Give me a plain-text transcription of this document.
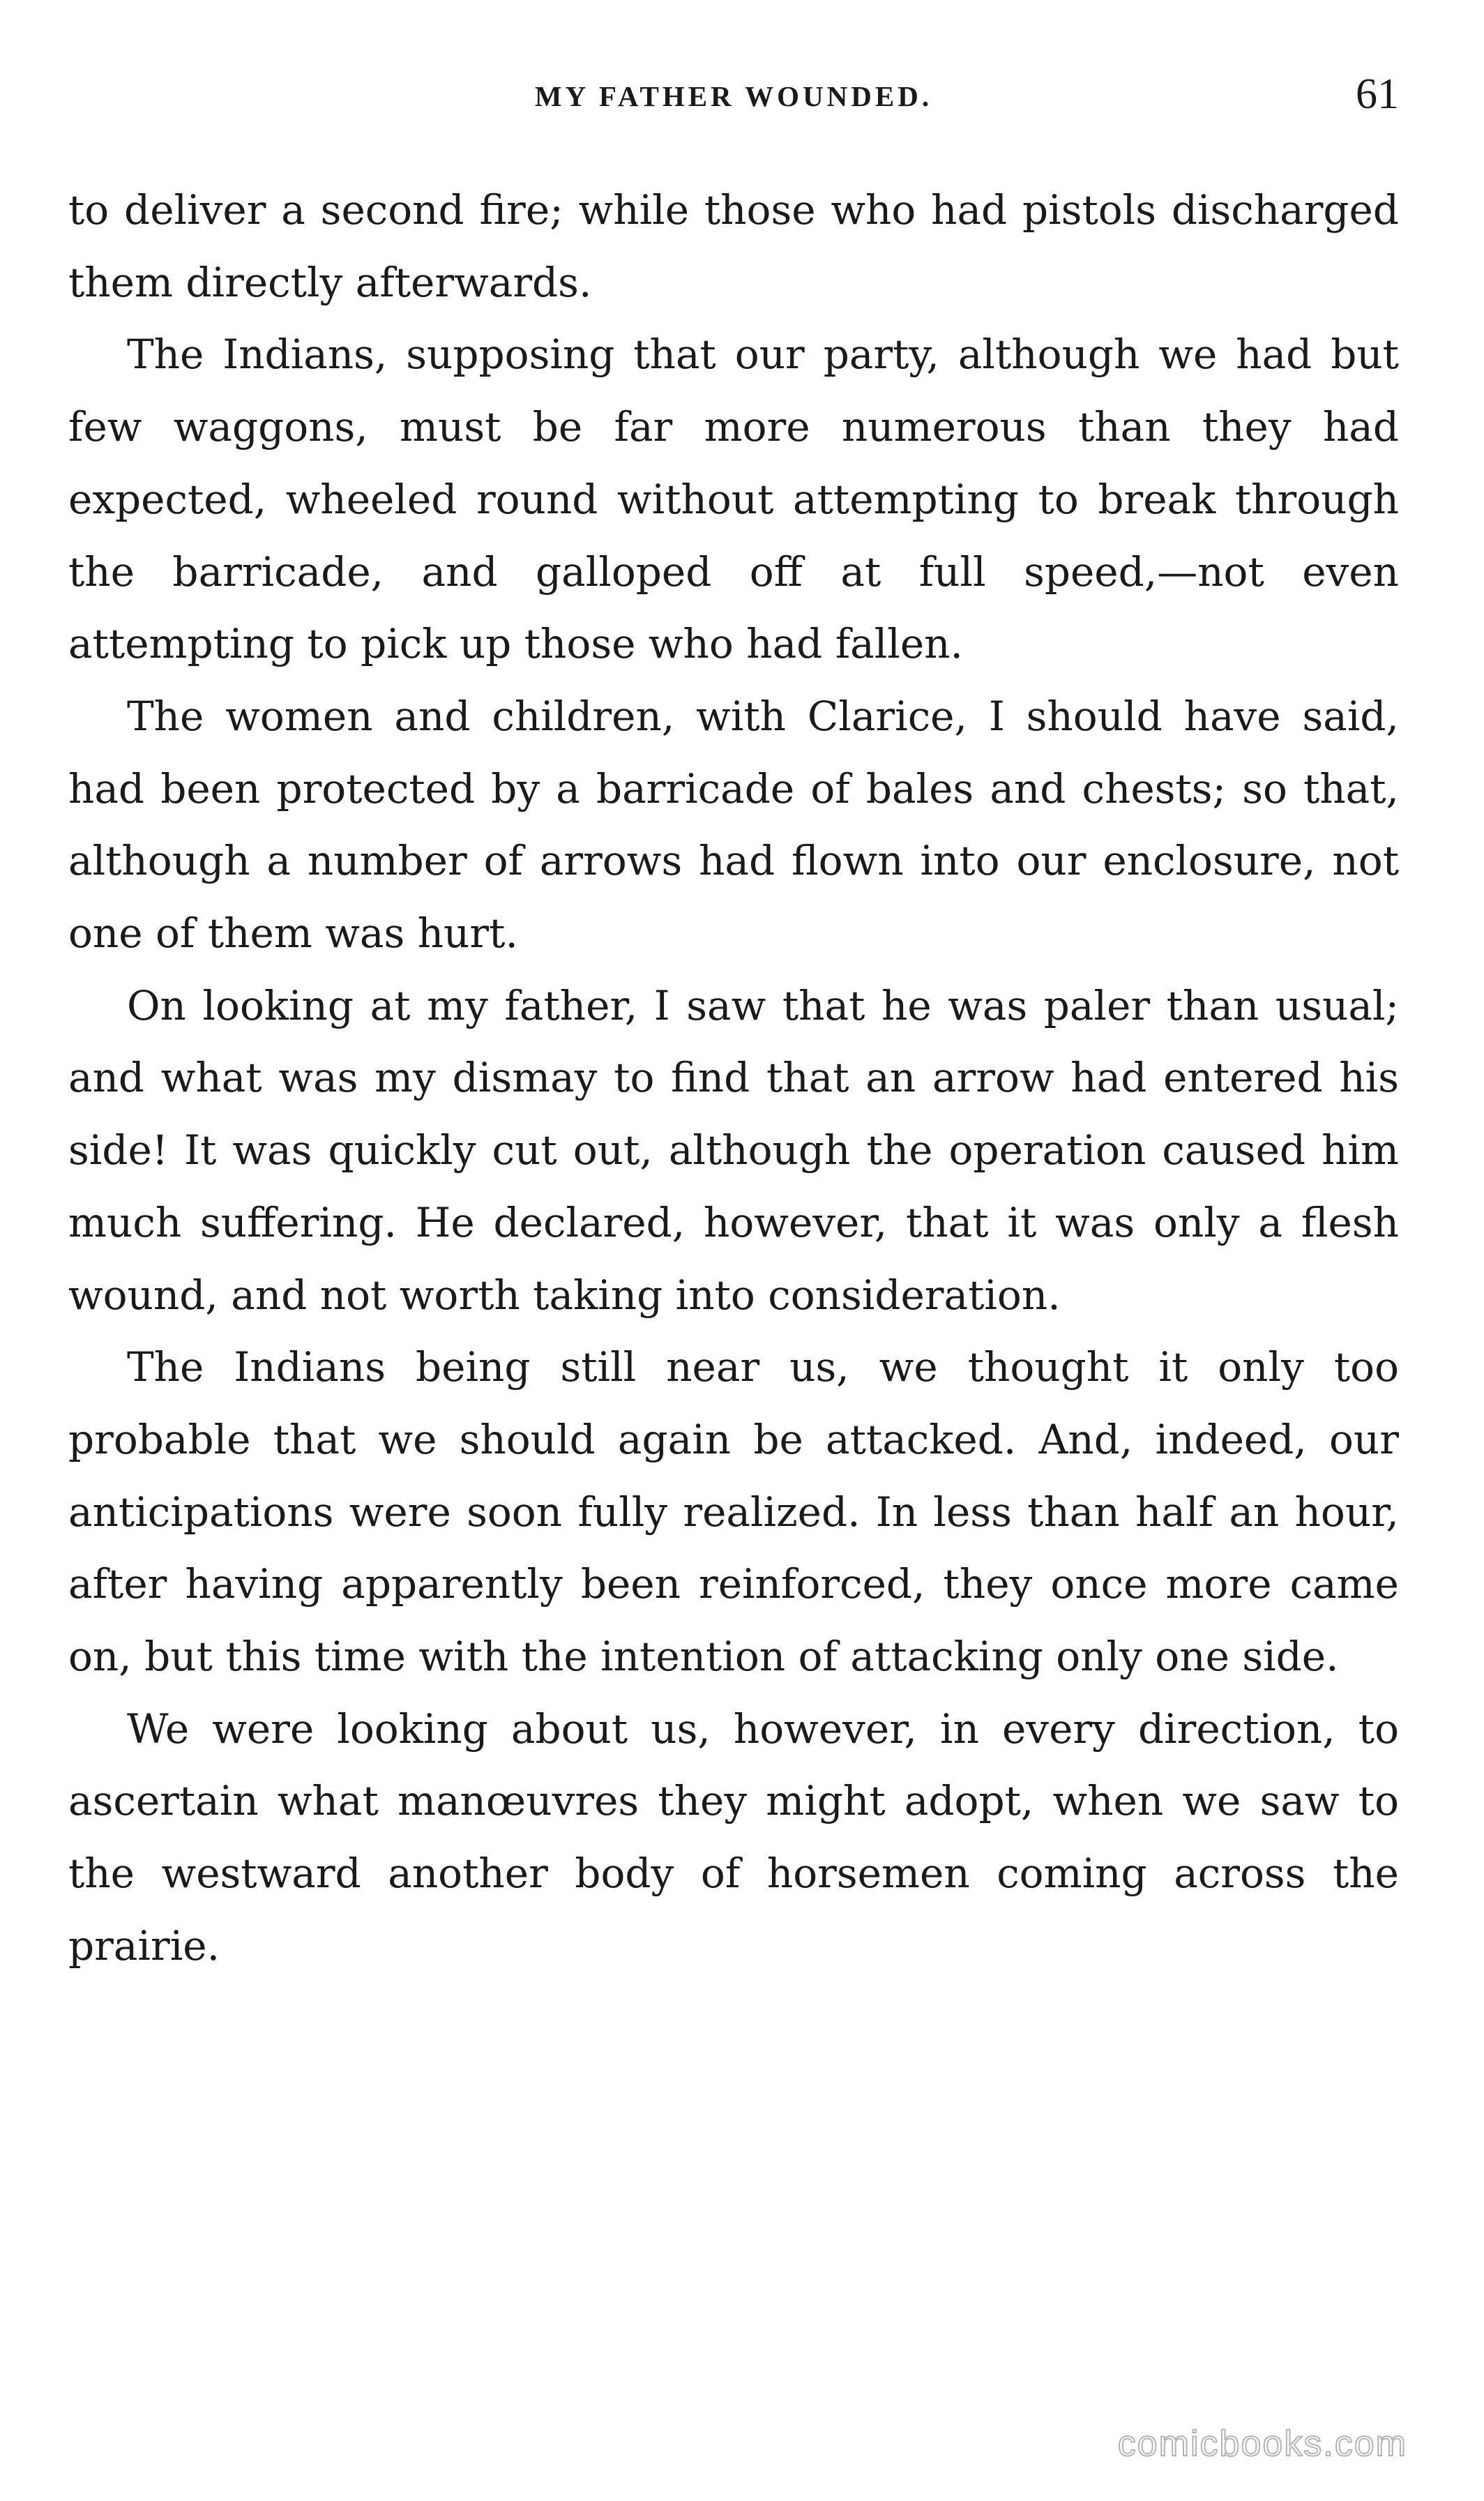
MY FATHER WOUNDED.	61

to deliver a second fire; while those who had pistols discharged them directly afterwards.

The Indians, supposing that our party, although we had but few waggons, must be far more numerous than they had expected, wheeled round without attempting to break through the barricade, and galloped off at full speed,—not even attempting to pick up those who had fallen.

The women and children, with Clarice, I should have said, had been protected by a barricade of bales and chests; so that, although a number of arrows had flown into our enclosure, not one of them was hurt.

On looking at my father, I saw that he was paler than usual; and what was my dismay to find that an arrow had entered his side! It was quickly cut out, although the operation caused him much suffering. He declared, however, that it was only a flesh wound, and not worth taking into consideration.

The Indians being still near us, we thought it only too probable that we should again be attacked. And, indeed, our anticipations were soon fully realized. In less than half an hour, after having apparently been reinforced, they once more came on, but this time with the intention of attacking only one side.

We were looking about us, however, in every direction, to ascertain what manœuvres they might adopt, when we saw to the westward another body of horsemen coming across the prairie.

comicbooks.com
